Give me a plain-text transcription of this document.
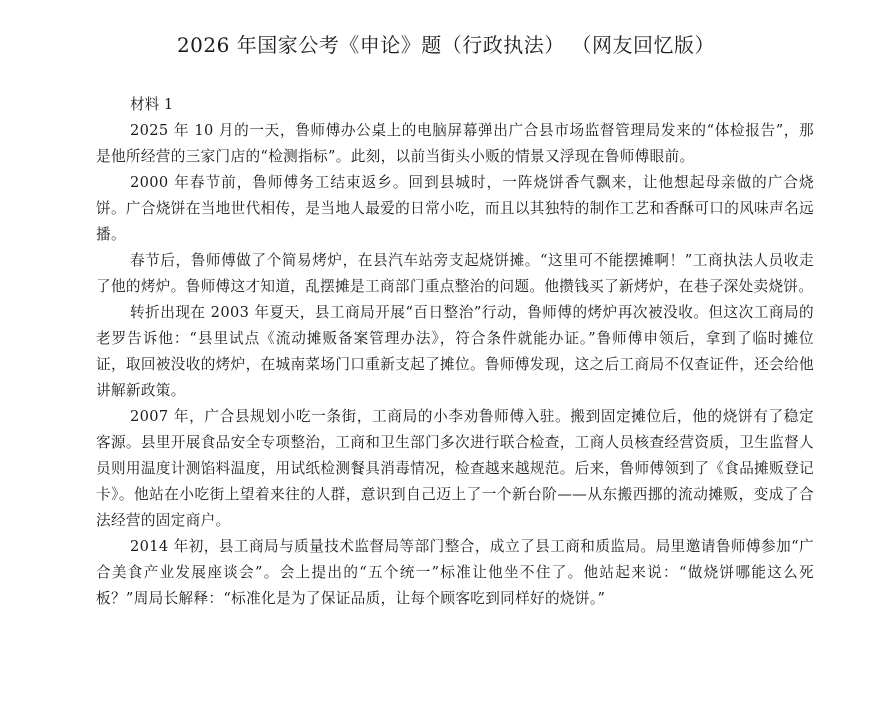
2026 年国家公考《申论》题（行政执法） （网友回忆版）

材料 1

2025 年 10 月的一天，鲁师傅办公桌上的电脑屏幕弹出广合县市场监督管理局发来的“体检报告”，那是他所经营的三家门店的“检测指标”。此刻，以前当街头小贩的情景又浮现在鲁师傅眼前。

2000 年春节前，鲁师傅务工结束返乡。回到县城时，一阵烧饼香气飘来，让他想起母亲做的广合烧饼。广合烧饼在当地世代相传，是当地人最爱的日常小吃，而且以其独特的制作工艺和香酥可口的风味声名远播。

春节后，鲁师傅做了个简易烤炉，在县汽车站旁支起烧饼摊。“这里可不能摆摊啊！”工商执法人员收走了他的烤炉。鲁师傅这才知道，乱摆摊是工商部门重点整治的问题。他攒钱买了新烤炉，在巷子深处卖烧饼。

转折出现在 2003 年夏天，县工商局开展“百日整治”行动，鲁师傅的烤炉再次被没收。但这次工商局的老罗告诉他：“县里试点《流动摊贩备案管理办法》，符合条件就能办证。”鲁师傅申领后，拿到了临时摊位证，取回被没收的烤炉，在城南菜场门口重新支起了摊位。鲁师傅发现，这之后工商局不仅查证件，还会给他讲解新政策。

2007 年，广合县规划小吃一条街，工商局的小李劝鲁师傅入驻。搬到固定摊位后，他的烧饼有了稳定客源。县里开展食品安全专项整治，工商和卫生部门多次进行联合检查，工商人员核查经营资质，卫生监督人员则用温度计测馅料温度，用试纸检测餐具消毒情况，检查越来越规范。后来，鲁师傅领到了《食品摊贩登记卡》。他站在小吃街上望着来往的人群，意识到自己迈上了一个新台阶——从东搬西挪的流动摊贩，变成了合法经营的固定商户。

2014 年初，县工商局与质量技术监督局等部门整合，成立了县工商和质监局。局里邀请鲁师傅参加“广合美食产业发展座谈会”。会上提出的“五个统一”标准让他坐不住了。他站起来说：“做烧饼哪能这么死板？”周局长解释：“标准化是为了保证品质，让每个顾客吃到同样好的烧饼。”
